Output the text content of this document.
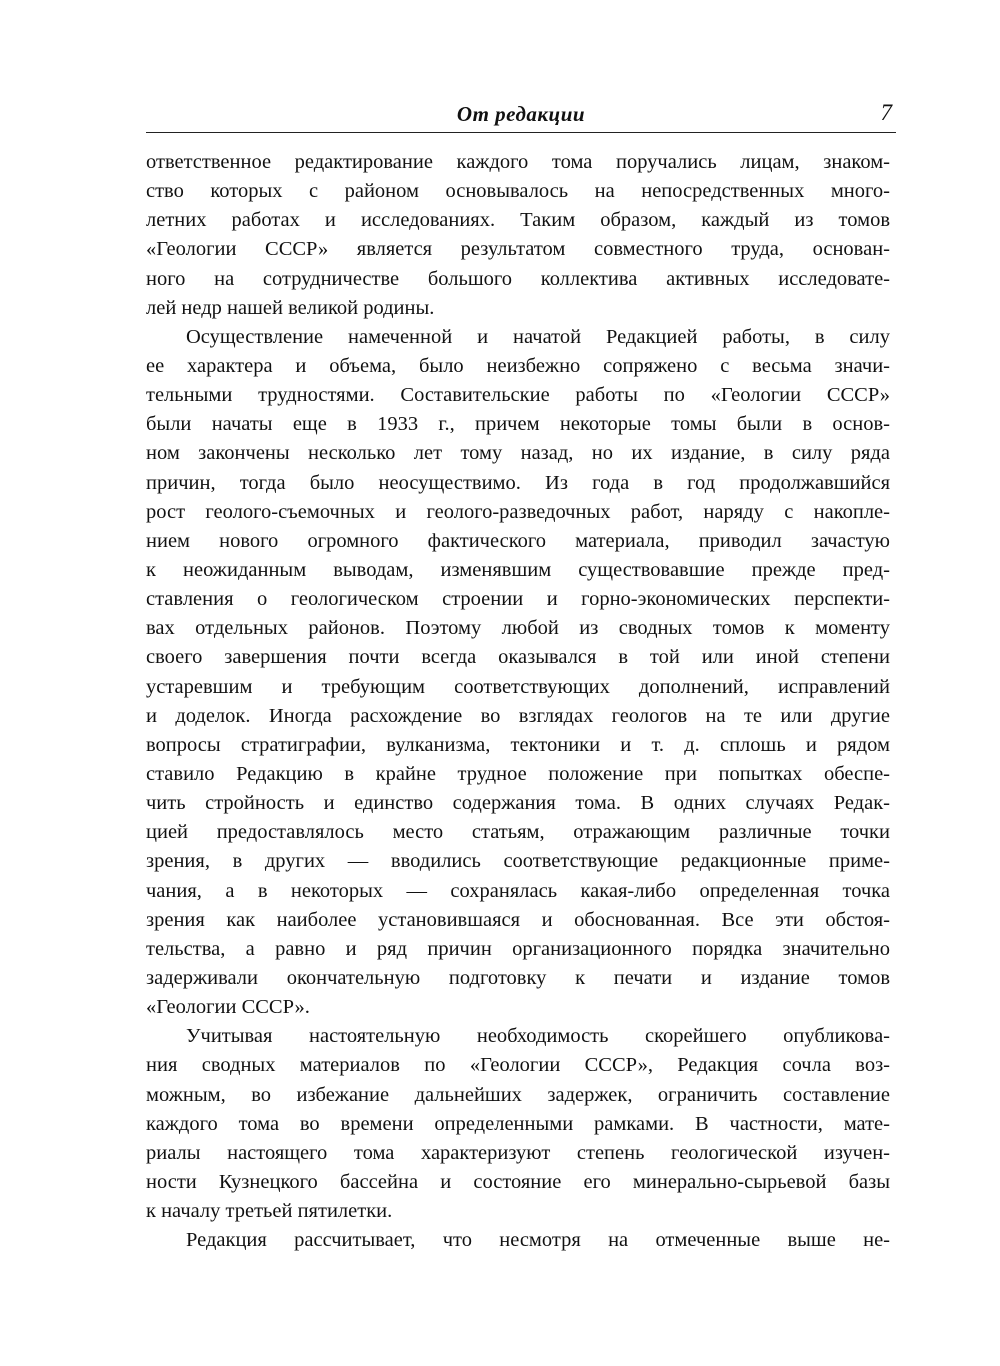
От редакции	7
ответственное редактирование каждого тома поручались лицам, знаком-
ство которых с районом основывалось на непосредственных много-
летних работах и исследованиях. Таким образом, каждый из томов
«Геологии СССР» является результатом совместного труда, основан-
ного на сотрудничестве большого коллектива активных исследовате-
лей недр нашей великой родины.
Осуществление намеченной и начатой Редакцией работы, в силу
ее характера и объема, было неизбежно сопряжено с весьма значи-
тельными трудностями. Составительские работы по «Геологии СССР»
были начаты еще в 1933 г., причем некоторые томы были в основ-
ном закончены несколько лет тому назад, но их издание, в силу ряда
причин, тогда было неосуществимо. Из года в год продолжавшийся
рост геолого-съемочных и геолого-разведочных работ, наряду с накопле-
нием нового огромного фактического материала, приводил зачастую
к неожиданным выводам, изменявшим существовавшие прежде пред-
ставления о геологическом строении и горно-экономических перспекти-
вах отдельных районов. Поэтому любой из сводных томов к моменту
своего завершения почти всегда оказывался в той или иной степени
устаревшим и требующим соответствующих дополнений, исправлений
и доделок. Иногда расхождение во взглядах геологов на те или другие
вопросы стратиграфии, вулканизма, тектоники и т. д. сплошь и рядом
ставило Редакцию в крайне трудное положение при попытках обеспе-
чить стройность и единство содержания тома. В одних случаях Редак-
цией предоставлялось место статьям, отражающим различные точки
зрения, в других — вводились соответствующие редакционные приме-
чания, а в некоторых — сохранялась какая-либо определенная точка
зрения как наиболее установившаяся и обоснованная. Все эти обстоя-
тельства, а равно и ряд причин организационного порядка значительно
задерживали окончательную подготовку к печати и издание томов
«Геологии СССР».
Учитывая настоятельную необходимость скорейшего опубликова-
ния сводных материалов по «Геологии СССР», Редакция сочла воз-
можным, во избежание дальнейших задержек, ограничить составление
каждого тома во времени определенными рамками. В частности, мате-
риалы настоящего тома характеризуют степень геологической изучен-
ности Кузнецкого бассейна и состояние его минерально-сырьевой базы
к началу третьей пятилетки.
Редакция рассчитывает, что несмотря на отмеченные выше не-
